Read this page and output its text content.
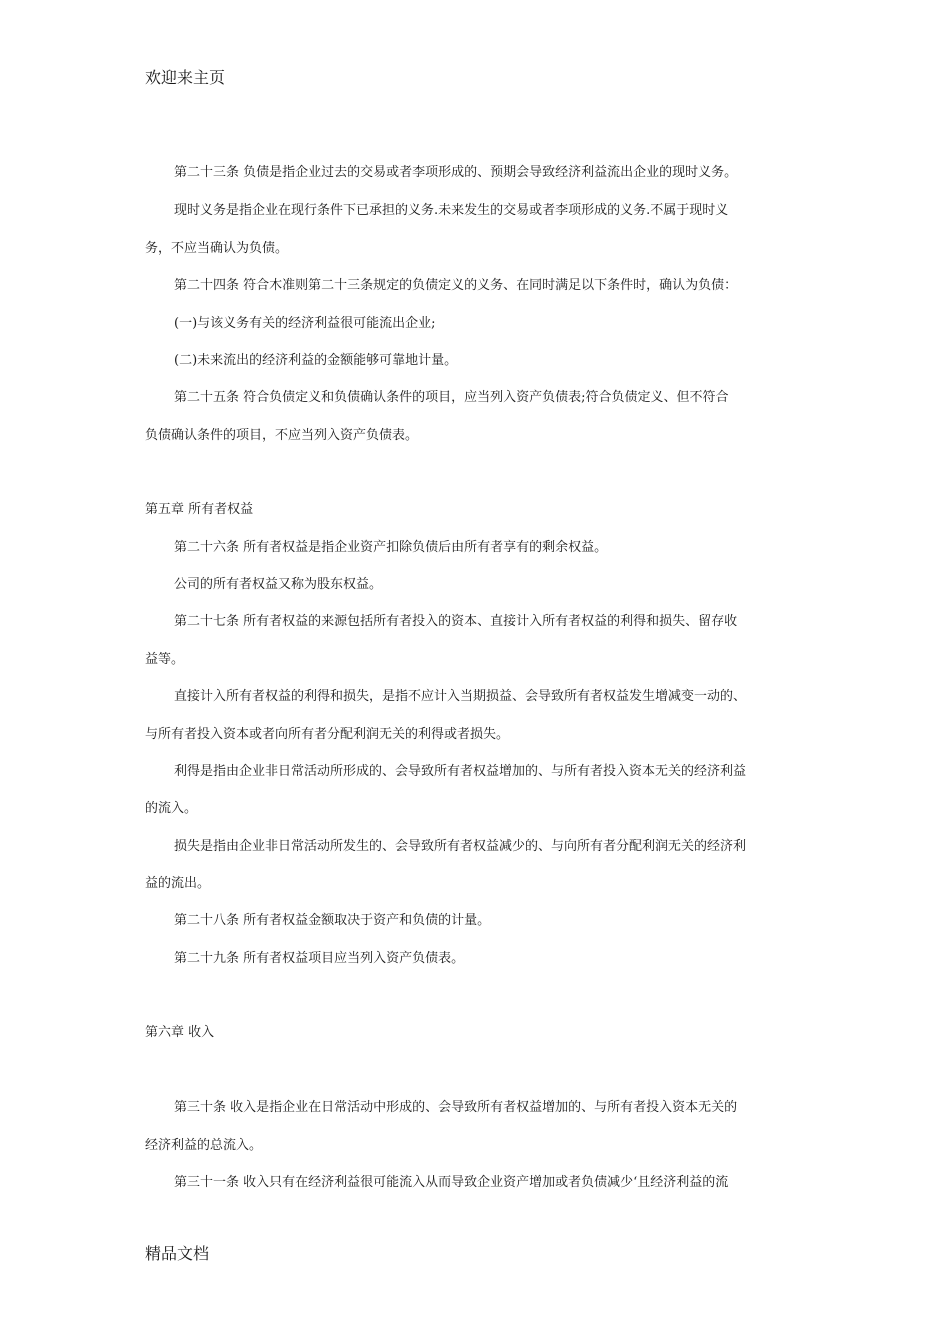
欢迎来主页
第二十三条 负债是指企业过去的交易或者李项形成的、预期会导致经济利益流出企业的现时义务。
现时义务是指企业在现行条件下已承担的义务.未来发生的交易或者李项形成的义务.不属于现时义
务，不应当确认为负债。
第二十四条 符合木准则第二十三条规定的负债定义的义务、在同时满足以下条件时，确认为负债：
(一)与该义务有关的经济利益很可能流出企业;
(二)未来流出的经济利益的金额能够可靠地计量。
第二十五条 符合负债定义和负债确认条件的项目，应当列入资产负债表;符合负债定义、但不符合
负债确认条件的项目，不应当列入资产负债表。
第五章 所有者权益
第二十六条 所有者权益是指企业资产扣除负债后由所有者享有的剩余权益。
公司的所有者权益又称为股东权益。
第二十七条 所有者权益的来源包括所有者投入的资本、直接计入所有者权益的利得和损失、留存收
益等。
直接计入所有者权益的利得和损失，是指不应计入当期损益、会导致所有者权益发生增减变一动的、
与所有者投入资本或者向所有者分配利润无关的利得或者损失。
利得是指由企业非日常活动所形成的、会导致所有者权益增加的、与所有者投入资本无关的经济利益
的流入。
损失是指由企业非日常活动所发生的、会导致所有者权益减少的、与向所有者分配利润无关的经济利
益的流出。
第二十八条 所有者权益金额取决于资产和负债的计量。
第二十九条 所有者权益项目应当列入资产负债表。
第六章 收入
第三十条 收入是指企业在日常活动中形成的、会导致所有者权益增加的、与所有者投入资本无关的
经济利益的总流入。
第三十一条 收入只有在经济利益很可能流入从而导致企业资产增加或者负债减少‘且经济利益的流
精品文档
